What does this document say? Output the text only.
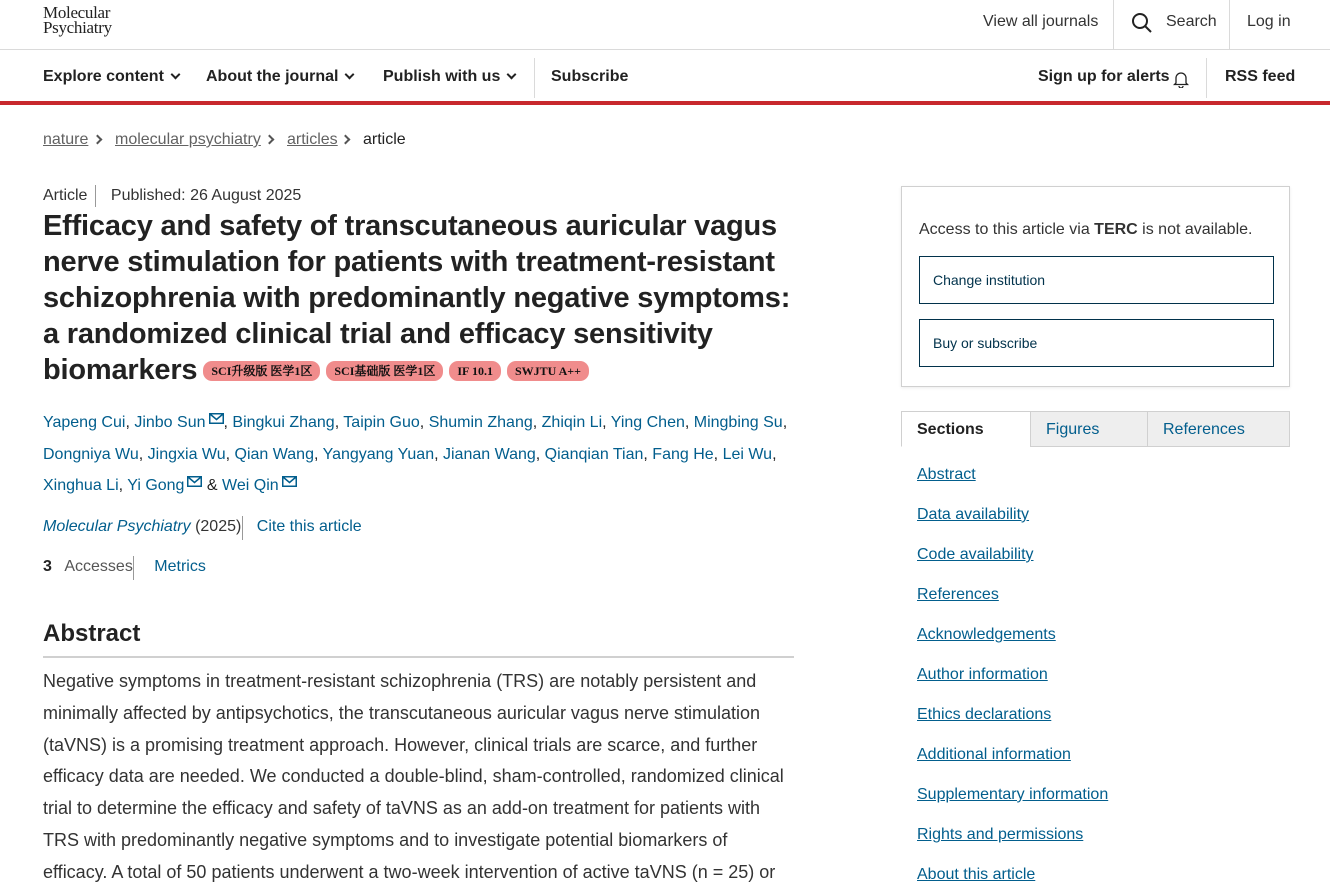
Molecular
Psychiatry	View all journals	Search Log in
Explore content	About the journal	Publish with us	Subscribe	Sign up for alerts	RSS feed
nature molecular psychiatry articles article
Article Published: 26 August 2025
Efficacy and safety of transcutaneous auricular vagus nerve stimulation for patients with treatment-resistant schizophrenia with predominantly negative symptoms: a randomized clinical trial and efficacy sensitivity biomarkers SCI升级版 医学1区 SCI基础版 医学1区 IF 10.1 SWJTU A++
Yapeng Cui, Jinbo Sun , Bingkui Zhang, Taipin Guo, Shumin Zhang, Zhiqin Li, Ying Chen, Mingbing Su,
Dongniya Wu, Jingxia Wu, Qian Wang, Yangyang Yuan, Jianan Wang, Qianqian Tian, Fang He, Lei Wu,
Xinghua Li, Yi Gong & Wei Qin
Molecular Psychiatry (2025) Cite this article
3 Accesses Metrics
Abstract

Negative symptoms in treatment-resistant schizophrenia (TRS) are notably persistent and minimally affected by antipsychotics, the transcutaneous auricular vagus nerve stimulation (taVNS) is a promising treatment approach. However, clinical trials are scarce, and further efficacy data are needed. We conducted a double-blind, sham-controlled, randomized clinical trial to determine the efficacy and safety of taVNS as an add-on treatment for patients with TRS with predominantly negative symptoms and to investigate potential biomarkers of efficacy. A total of 50 patients underwent a two-week intervention of active taVNS (n = 25) or

Access to this article via TERC is not available.
Change institution
Buy or subscribe
Sections	Figures	References
Abstract
Data availability
Code availability
References
Acknowledgements
Author information
Ethics declarations
Additional information
Supplementary information
Rights and permissions
About this article
